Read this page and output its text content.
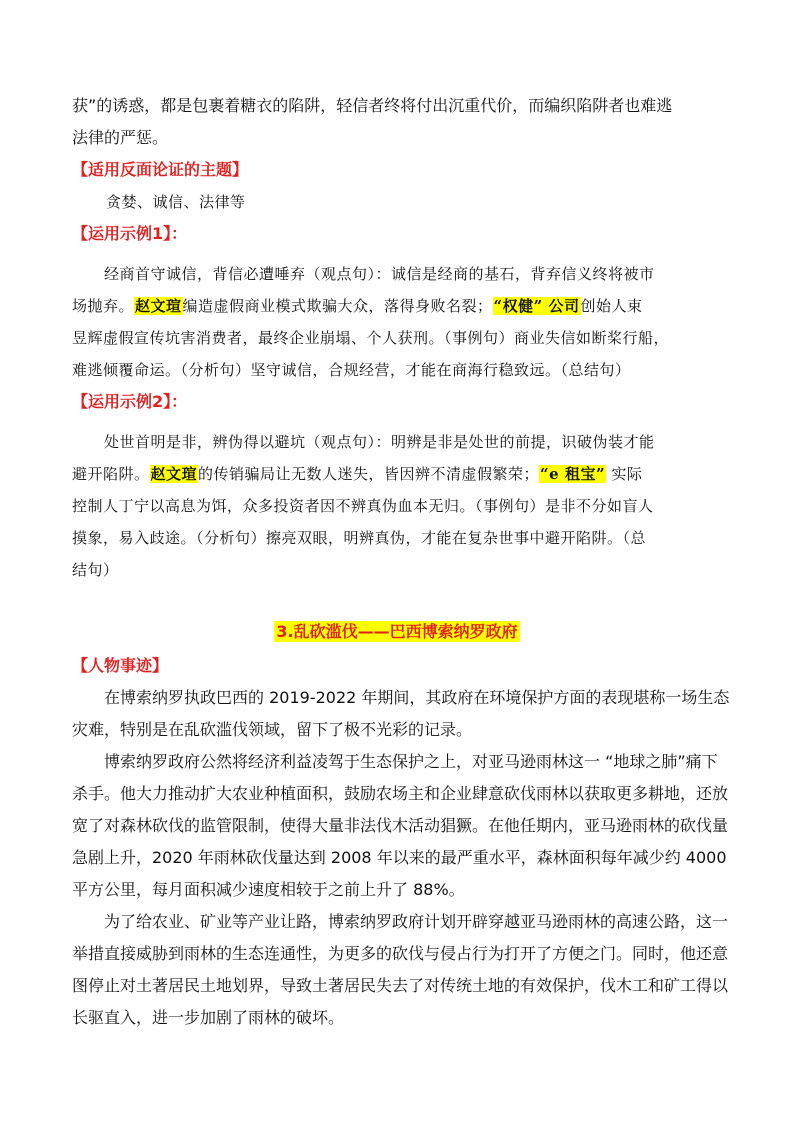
获”的诱惑，都是包裹着糖衣的陷阱，轻信者终将付出沉重代价，而编织陷阱者也难逃

法律的严惩。

【适用反面论证的主题】

贪婪、诚信、法律等

【运用示例1】：

经商首守诚信，背信必遭唾弃（观点句）：诚信是经商的基石，背弃信义终将被市

场抛弃。赵文瑄编造虚假商业模式欺骗大众，落得身败名裂；“权健” 公司创始人束

昱辉虚假宣传坑害消费者，最终企业崩塌、个人获刑。（事例句）商业失信如断桨行船，

难逃倾覆命运。（分析句）坚守诚信，合规经营，才能在商海行稳致远。（总结句）

【运用示例2】：

处世首明是非，辨伪得以避坑（观点句）：明辨是非是处世的前提，识破伪装才能

避开陷阱。赵文瑄的传销骗局让无数人迷失，皆因辨不清虚假繁荣；“e 租宝” 实际

控制人丁宁以高息为饵，众多投资者因不辨真伪血本无归。（事例句）是非不分如盲人

摸象，易入歧途。（分析句）擦亮双眼，明辨真伪，才能在复杂世事中避开陷阱。（总

结句）

3.乱砍滥伐——巴西博索纳罗政府

【人物事迹】

在博索纳罗执政巴西的 2019-2022 年期间，其政府在环境保护方面的表现堪称一场生态灾难，特别是在乱砍滥伐领域，留下了极不光彩的记录。

博索纳罗政府公然将经济利益凌驾于生态保护之上，对亚马逊雨林这一 “地球之肺”痛下杀手。他大力推动扩大农业种植面积，鼓励农场主和企业肆意砍伐雨林以获取更多耕地，还放宽了对森林砍伐的监管限制，使得大量非法伐木活动猖獗。在他任期内，亚马逊雨林的砍伐量急剧上升，2020 年雨林砍伐量达到 2008 年以来的最严重水平，森林面积每年减少约 4000 平方公里，每月面积减少速度相较于之前上升了 88%。

为了给农业、矿业等产业让路，博索纳罗政府计划开辟穿越亚马逊雨林的高速公路，这一举措直接威胁到雨林的生态连通性，为更多的砍伐与侵占行为打开了方便之门。同时，他还意图停止对土著居民土地划界，导致土著居民失去了对传统土地的有效保护，伐木工和矿工得以长驱直入，进一步加剧了雨林的破坏。
